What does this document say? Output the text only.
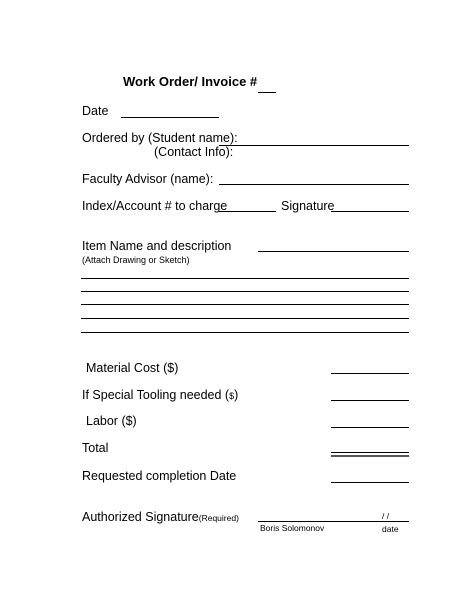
Work Order/ Invoice #
Date
Ordered by (Student name):
(Contact Info):
Faculty Advisor (name):
Index/Account # to charge	Signature
Item Name and description
(Attach Drawing or Sketch)
Material Cost ($)
If Special Tooling needed ($)
Labor ($)
Total
Requested completion Date
Authorized Signature(Required)	/ /
Boris Solomonov	date
